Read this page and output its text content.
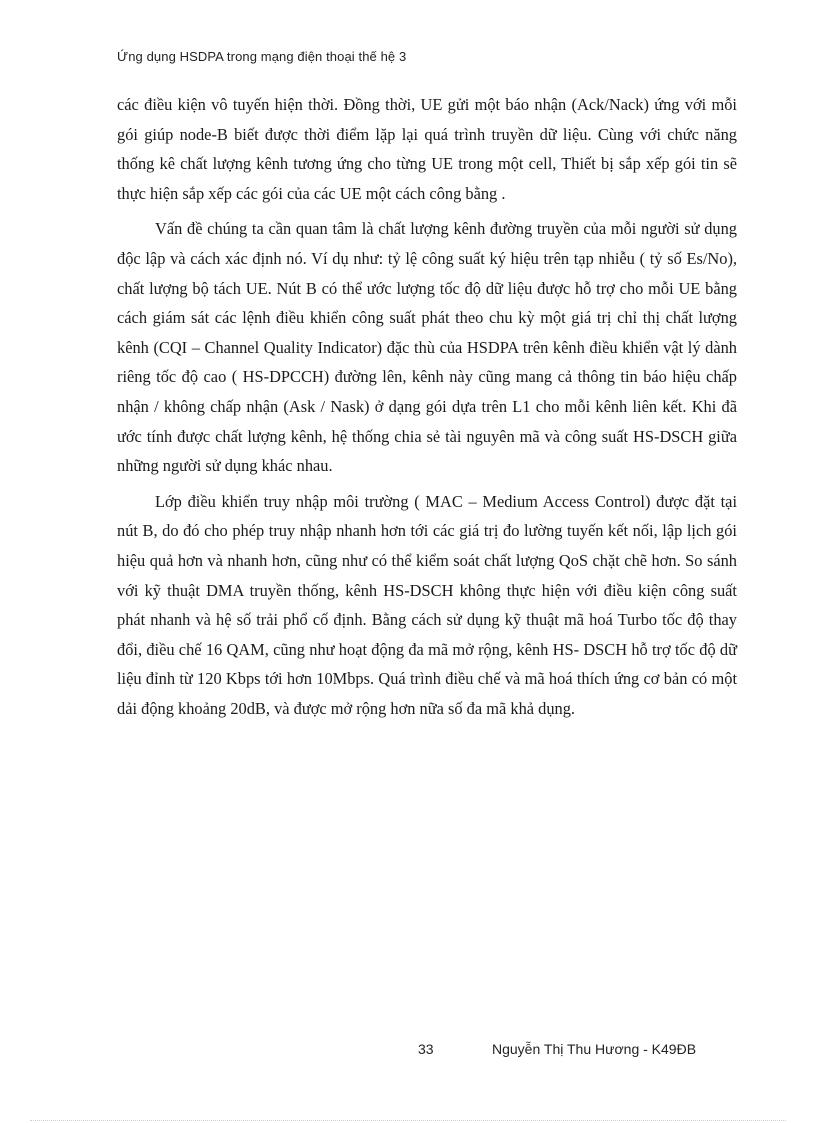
Ứng dụng HSDPA trong mạng điện thoại thế hệ 3

các điều kiện vô tuyến hiện thời. Đồng thời, UE gửi một báo nhận (Ack/Nack) ứng với mỗi gói giúp node-B biết được thời điểm lặp lại quá trình truyền dữ liệu. Cùng với chức năng thống kê chất lượng kênh tương ứng cho từng UE trong một cell, Thiết bị sắp xếp gói tin sẽ thực hiện sắp xếp các gói của các UE một cách công bằng .

Vấn đề chúng ta cần quan tâm là chất lượng kênh đường truyền của mỗi người sử dụng độc lập và cách xác định nó. Ví dụ như: tỷ lệ công suất ký hiệu trên tạp nhiễu ( tỷ số Es/No), chất lượng bộ tách UE. Nút B có thể ước lượng tốc độ dữ liệu được hỗ trợ cho mỗi UE bằng cách giám sát các lệnh điều khiển công suất phát theo chu kỳ một giá trị chỉ thị chất lượng kênh (CQI – Channel Quality Indicator) đặc thù của HSDPA trên kênh điều khiển vật lý dành riêng tốc độ cao ( HS-DPCCH) đường lên, kênh này cũng mang cả thông tin báo hiệu chấp nhận / không chấp nhận (Ask / Nask) ở dạng gói dựa trên L1 cho mỗi kênh liên kết. Khi đã ước tính được chất lượng kênh, hệ thống chia sẻ tài nguyên mã và công suất HS-DSCH giữa những người sử dụng khác nhau.

Lớp điều khiển truy nhập môi trường ( MAC – Medium Access Control) được đặt tại nút B, do đó cho phép truy nhập nhanh hơn tới các giá trị đo lường tuyến kết nối, lập lịch gói hiệu quả hơn và nhanh hơn, cũng như có thể kiểm soát chất lượng QoS chặt chẽ hơn. So sánh với kỹ thuật DMA truyền thống, kênh HS-DSCH không thực hiện với điều kiện công suất phát nhanh và hệ số trải phổ cố định. Bằng cách sử dụng kỹ thuật mã hoá Turbo tốc độ thay đổi, điều chế 16 QAM, cũng như hoạt động đa mã mở rộng, kênh HS- DSCH hỗ trợ tốc độ dữ liệu đỉnh từ 120 Kbps tới hơn 10Mbps. Quá trình điều chế và mã hoá thích ứng cơ bản có một dải động khoảng 20dB, và được mở rộng hơn nữa số đa mã khả dụng.

33	Nguyễn Thị Thu Hương - K49ĐB
